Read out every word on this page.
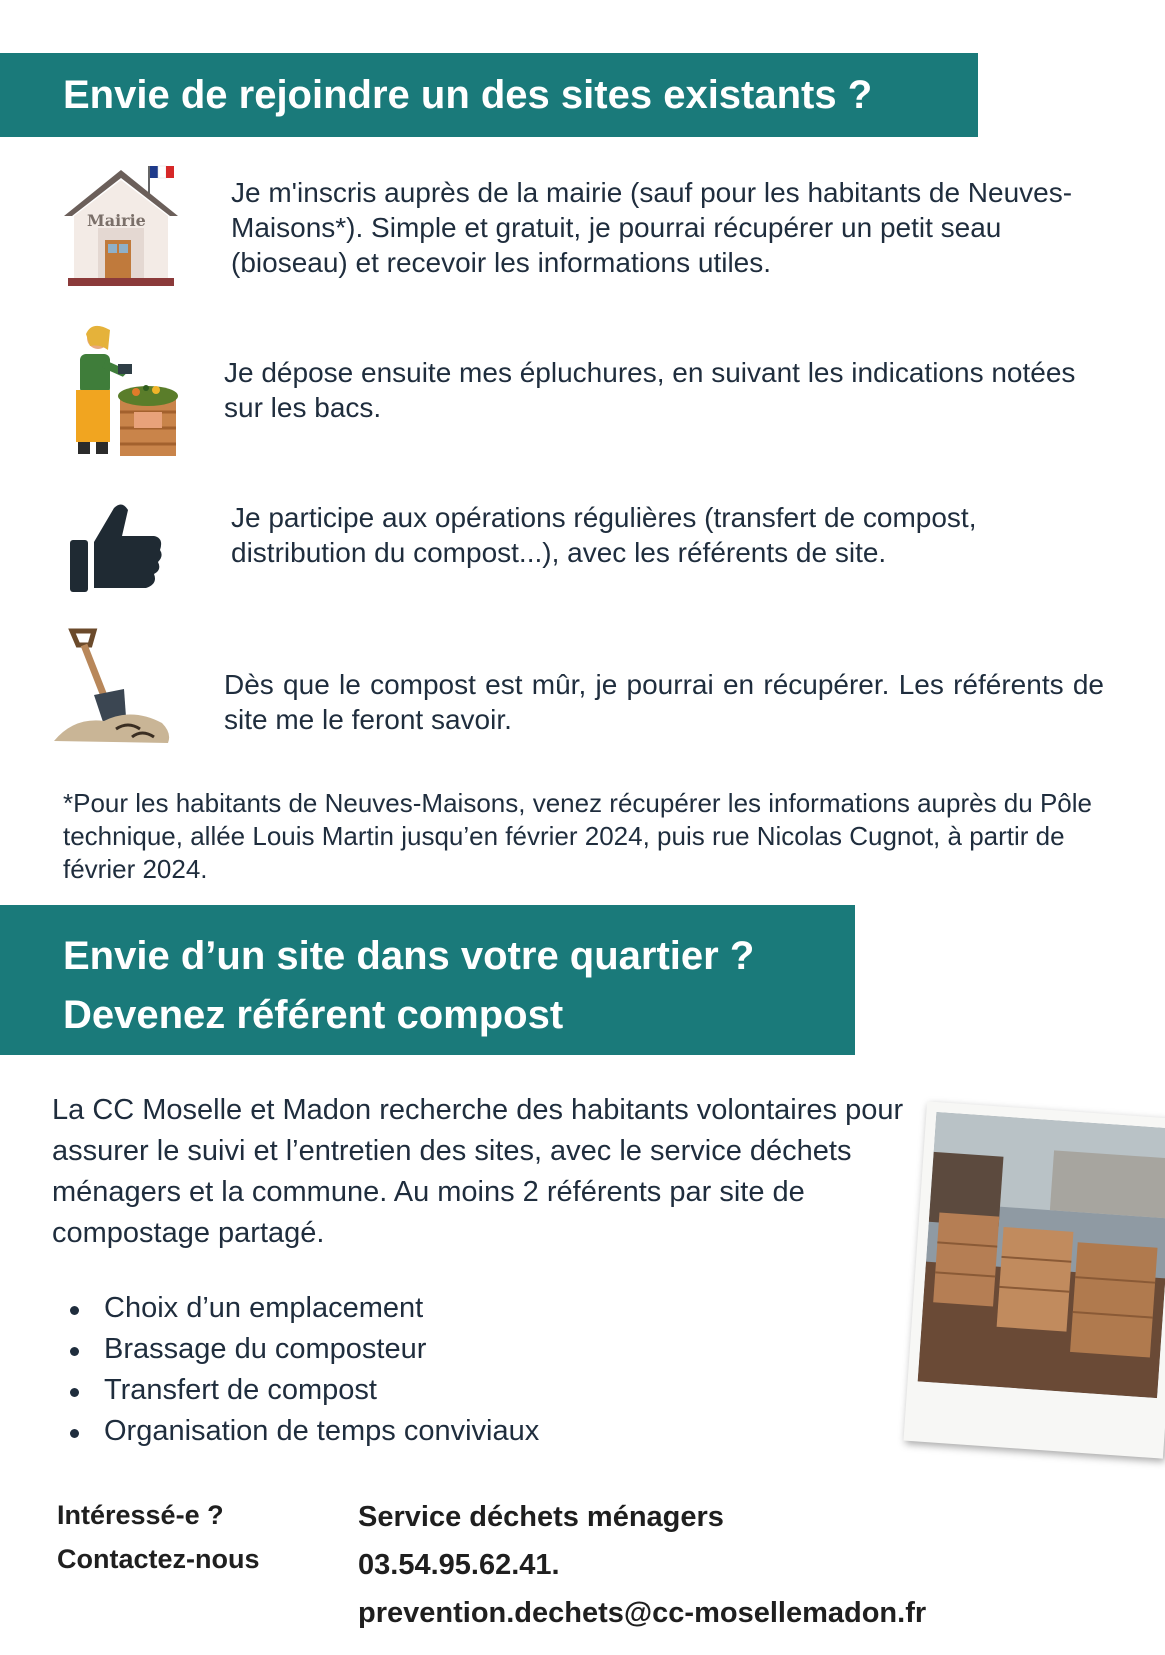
Envie de rejoindre un des sites existants ?
Mairie
Je m'inscris auprès de la mairie (sauf pour les habitants de Neuves-Maisons*). Simple et gratuit, je pourrai récupérer un petit seau (bioseau) et recevoir les informations utiles.
Je dépose ensuite mes épluchures, en suivant les indications notées sur les bacs.
Je participe aux opérations régulières (transfert de compost, distribution du compost...), avec les référents de site.
Dès que le compost est mûr, je pourrai en récupérer. Les référents de site me le feront savoir.
*Pour les habitants de Neuves-Maisons, venez récupérer les informations auprès du Pôle technique, allée Louis Martin jusqu’en février 2024, puis rue Nicolas Cugnot, à partir de février 2024.
Envie d’un site dans votre quartier ?
Devenez référent compost
La CC Moselle et Madon recherche des habitants volontaires pour assurer le suivi et l’entretien des sites, avec le service déchets ménagers et la commune. Au moins 2 référents par site de compostage partagé.
Choix d’un emplacement
Brassage du composteur
Transfert de compost
Organisation de temps conviviaux
Intéressé-e ?
Contactez-nous
Service déchets ménagers
03.54.95.62.41.
prevention.dechets@cc-mosellemadon.fr
